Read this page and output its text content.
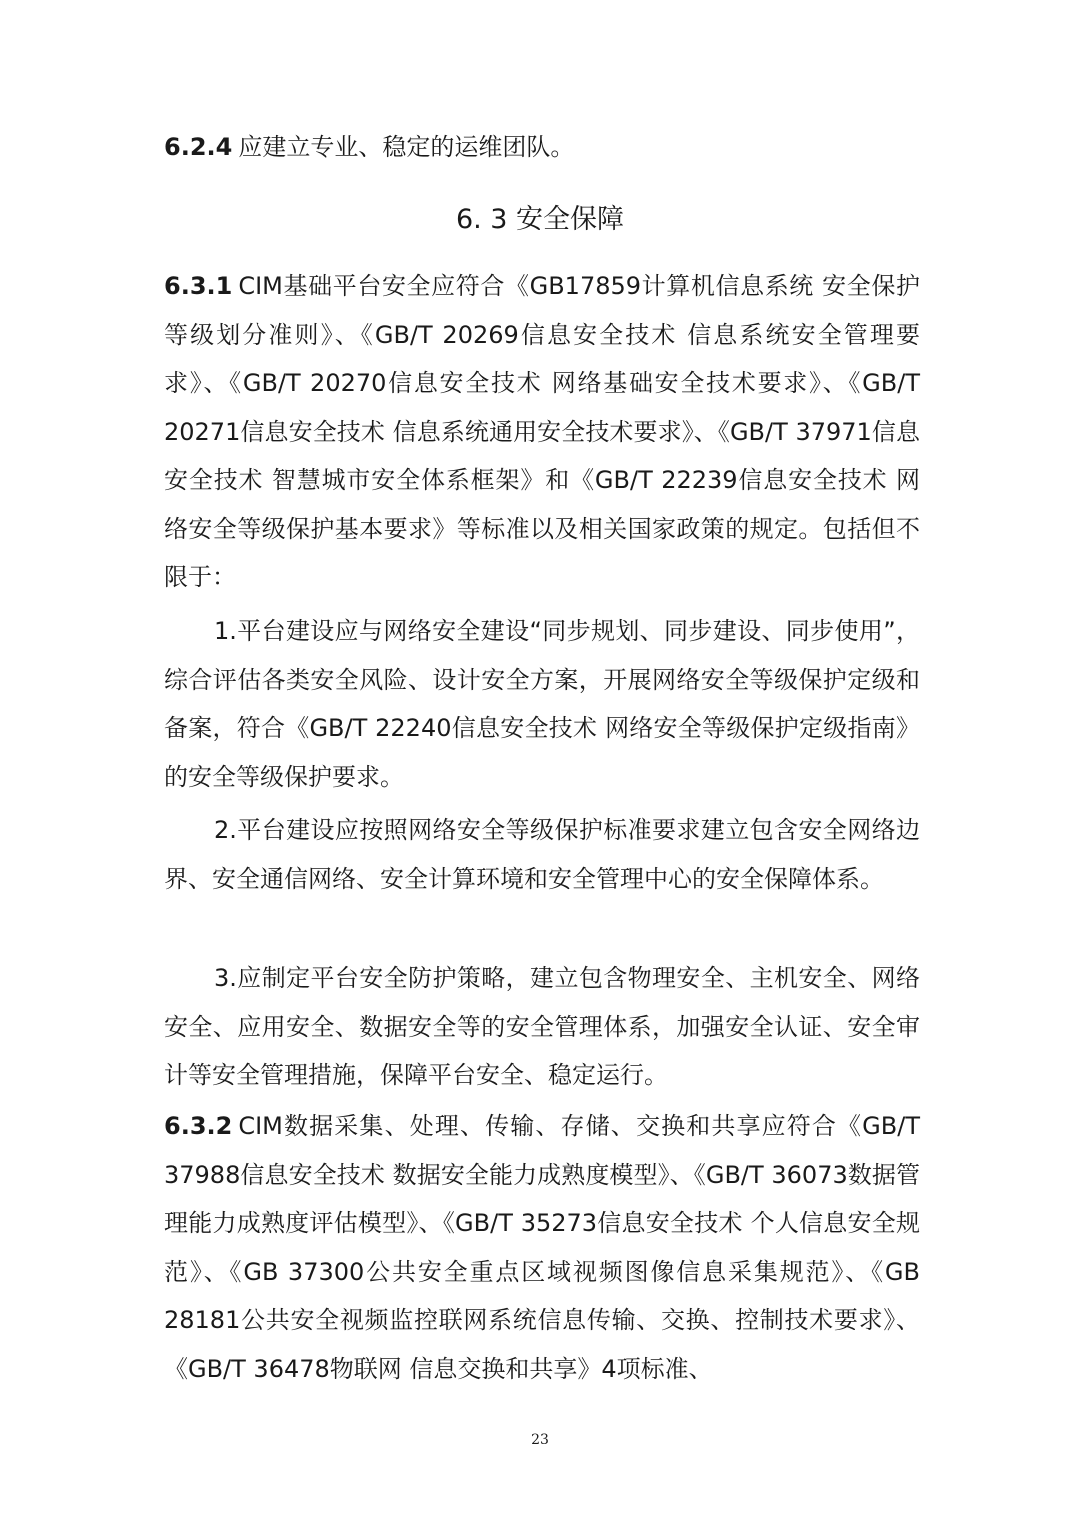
6.2.4 应建立专业、稳定的运维团队。

6. 3 安全保障

6.3.1 CIM基础平台安全应符合《GB17859计算机信息系统 安全保护等级划分准则》、《GB/T 20269信息安全技术 信息系统安全管理要求》、《GB/T 20270信息安全技术 网络基础安全技术要求》、《GB/T 20271信息安全技术 信息系统通用安全技术要求》、《GB/T 37971信息安全技术 智慧城市安全体系框架》和《GB/T 22239信息安全技术 网络安全等级保护基本要求》等标准以及相关国家政策的规定。包括但不限于：

1.平台建设应与网络安全建设“同步规划、同步建设、同步使用”，综合评估各类安全风险、设计安全方案，开展网络安全等级保护定级和备案，符合《GB/T 22240信息安全技术 网络安全等级保护定级指南》的安全等级保护要求。

2.平台建设应按照网络安全等级保护标准要求建立包含安全网络边界、安全通信网络、安全计算环境和安全管理中心的安全保障体系。

3.应制定平台安全防护策略，建立包含物理安全、主机安全、网络安全、应用安全、数据安全等的安全管理体系，加强安全认证、安全审计等安全管理措施，保障平台安全、稳定运行。

6.3.2 CIM数据采集、处理、传输、存储、交换和共享应符合《GB/T 37988信息安全技术 数据安全能力成熟度模型》、《GB/T 36073数据管理能力成熟度评估模型》、《GB/T 35273信息安全技术 个人信息安全规范》、《GB 37300公共安全重点区域视频图像信息采集规范》、《GB 28181公共安全视频监控联网系统信息传输、交换、控制技术要求》、《GB/T 36478物联网 信息交换和共享》4项标准、

23
